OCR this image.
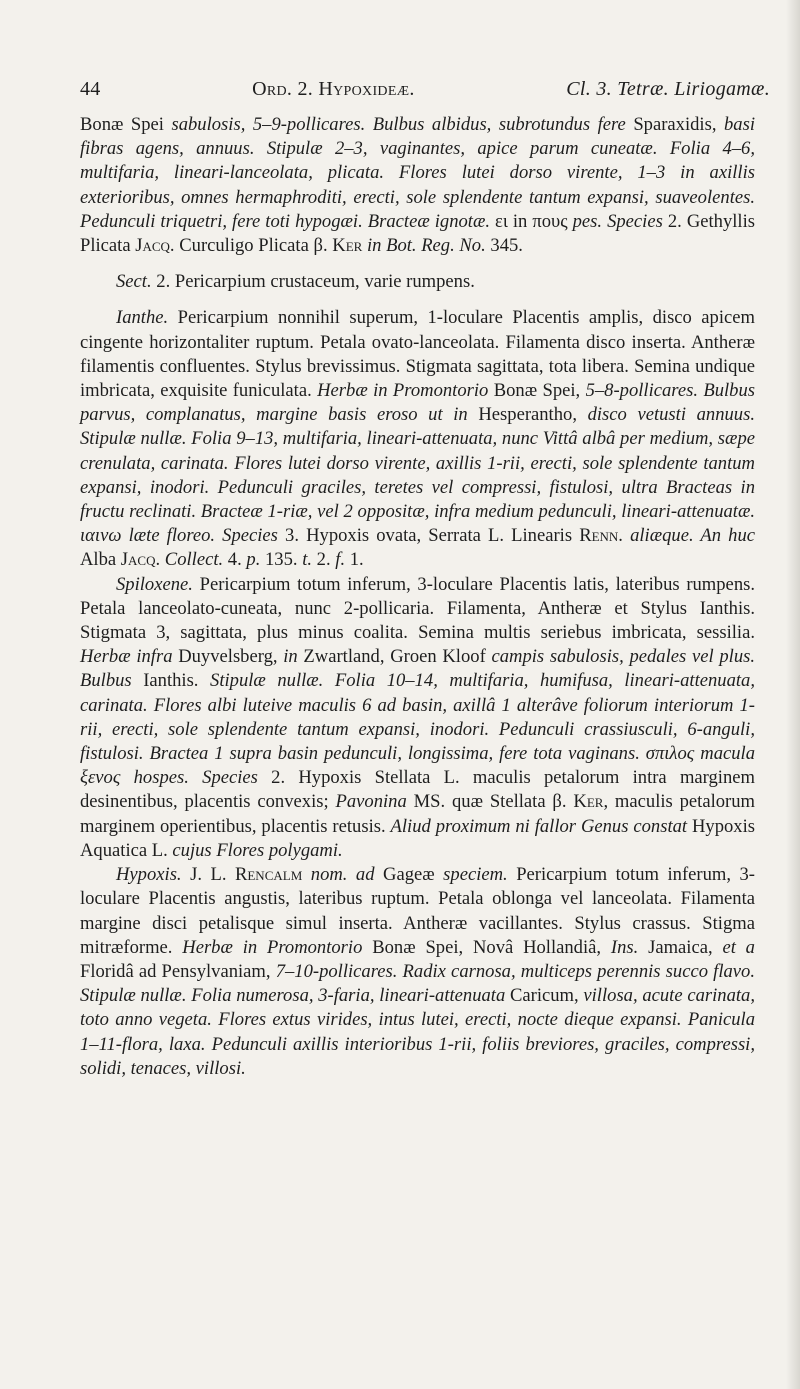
44	Ord. 2. Hypoxideæ.	Cl. 3. Tetræ. Liriogamæ.

Bonæ Spei sabulosis, 5–9-pollicares. Bulbus albidus, subrotundus fere Sparaxidis, basi fibras agens, annuus. Stipulæ 2–3, vaginantes, apice parum cuneatæ. Folia 4–6, multifaria, lineari-lanceolata, plicata. Flores lutei dorso virente, 1–3 in axillis exterioribus, omnes hermaphroditi, erecti, sole splendente tantum expansi, suaveolentes. Pedunculi triquetri, fere toti hypogæi. Bracteæ ignotæ. ει in πους pes. Species 2. Gethyllis Plicata Jacq. Curculigo Plicata β. Ker in Bot. Reg. No. 345.

Sect. 2. Pericarpium crustaceum, varie rumpens.

Ianthe. Pericarpium nonnihil superum, 1-loculare Placentis amplis, disco apicem cingente horizontaliter ruptum. Petala ovato-lanceolata. Filamenta disco inserta. Antheræ filamentis confluentes. Stylus brevissimus. Stigmata sagittata, tota libera. Semina undique imbricata, exquisite funiculata. Herbæ in Promontorio Bonæ Spei, 5–8-pollicares. Bulbus parvus, complanatus, margine basis eroso ut in Hesperantho, disco vetusti annuus. Stipulæ nullæ. Folia 9–13, multifaria, lineari-attenuata, nunc Vittâ albâ per medium, sæpe crenulata, carinata. Flores lutei dorso virente, axillis 1-rii, erecti, sole splendente tantum expansi, inodori. Pedunculi graciles, teretes vel compressi, fistulosi, ultra Bracteas in fructu reclinati. Bracteæ 1-riæ, vel 2 oppositæ, infra medium pedunculi, lineari-attenuatæ. ιαινω læte floreo. Species 3. Hypoxis ovata, Serrata L. Linearis Renn. aliæque. An huc Alba Jacq. Collect. 4. p. 135. t. 2. f. 1.

Spiloxene. Pericarpium totum inferum, 3-loculare Placentis latis, lateribus rumpens. Petala lanceolato-cuneata, nunc 2-pollicaria. Filamenta, Antheræ et Stylus Ianthis. Stigmata 3, sagittata, plus minus coalita. Semina multis seriebus imbricata, sessilia. Herbæ infra Duyvelsberg, in Zwartland, Groen Kloof campis sabulosis, pedales vel plus. Bulbus Ianthis. Stipulæ nullæ. Folia 10–14, multifaria, humifusa, lineari-attenuata, carinata. Flores albi luteive maculis 6 ad basin, axillâ 1 alterâve foliorum interiorum 1-rii, erecti, sole splendente tantum expansi, inodori. Pedunculi crassiusculi, 6-anguli, fistulosi. Bractea 1 supra basin pedunculi, longissima, fere tota vaginans. σπιλος macula ξενος hospes. Species 2. Hypoxis Stellata L. maculis petalorum intra marginem desinentibus, placentis convexis; Pavonina MS. quæ Stellata β. Ker, maculis petalorum marginem operientibus, placentis retusis. Aliud proximum ni fallor Genus constat Hypoxis Aquatica L. cujus Flores polygami.

Hypoxis. J. L. Rencalm nom. ad Gageæ speciem. Pericarpium totum inferum, 3-loculare Placentis angustis, lateribus ruptum. Petala oblonga vel lanceolata. Filamenta margine disci petalisque simul inserta. Antheræ vacillantes. Stylus crassus. Stigma mitræforme. Herbæ in Promontorio Bonæ Spei, Novâ Hollandiâ, Ins. Jamaica, et a Floridâ ad Pensylvaniam, 7–10-pollicares. Radix carnosa, multiceps perennis succo flavo. Stipulæ nullæ. Folia numerosa, 3-faria, lineari-attenuata Caricum, villosa, acute carinata, toto anno vegeta. Flores extus virides, intus lutei, erecti, nocte dieque expansi. Panicula 1–11-flora, laxa. Pedunculi axillis interioribus 1-rii, foliis breviores, graciles, compressi, solidi, tenaces, villosi.
